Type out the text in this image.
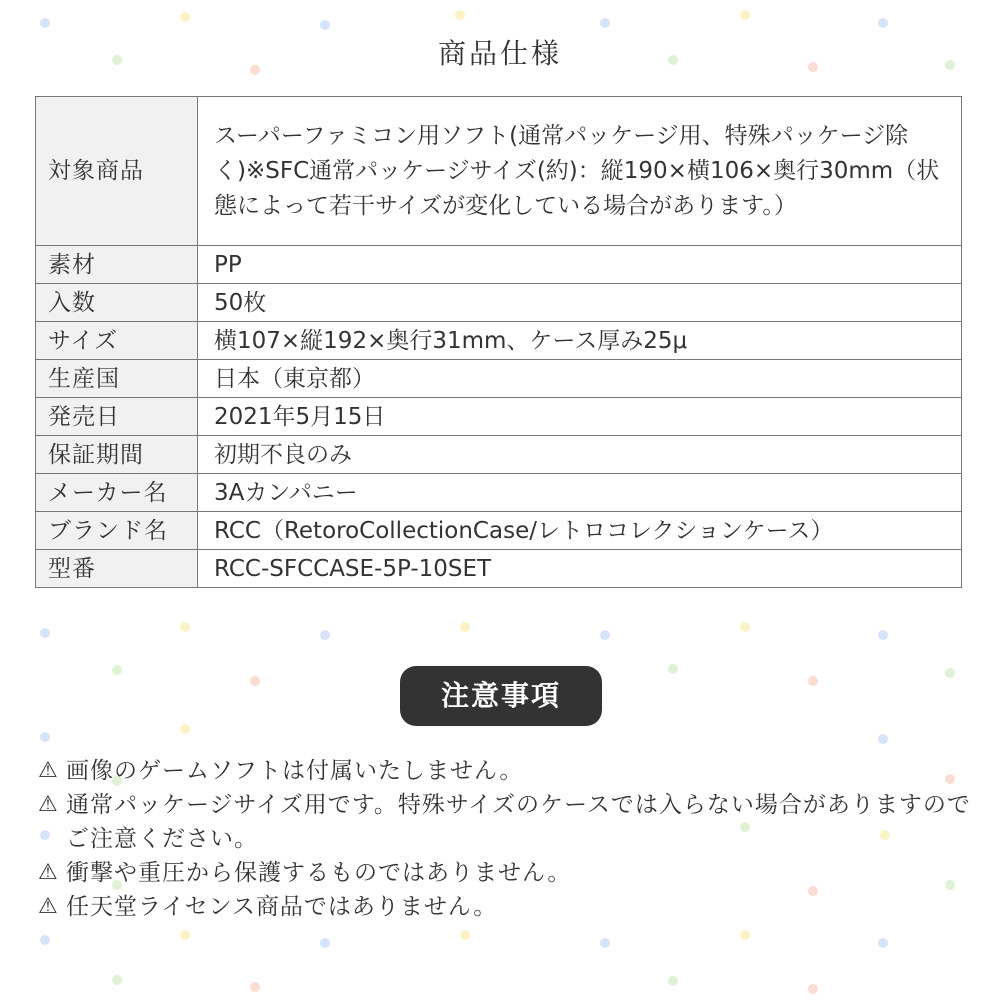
商品仕様
対象商品	スーパーファミコン用ソフト(通常パッケージ用、特殊パッケージ除く)※SFC通常パッケージサイズ(約)：縦190×横106×奥行30mm（状態によって若干サイズが変化している場合があります。）
素材	PP
入数	50枚
サイズ	横107×縦192×奥行31mm、ケース厚み25μ
生産国	日本（東京都）
発売日	2021年5月15日
保証期間	初期不良のみ
メーカー名	3Aカンパニー
ブランド名	RCC（RetoroCollectionCase/レトロコレクションケース）
型番	RCC-SFCCASE-5P-10SET
注意事項
⚠ 画像のゲームソフトは付属いたしません。
⚠ 通常パッケージサイズ用です。特殊サイズのケースでは入らない場合がありますのでご注意ください。
⚠ 衝撃や重圧から保護するものではありません。
⚠ 任天堂ライセンス商品ではありません。
